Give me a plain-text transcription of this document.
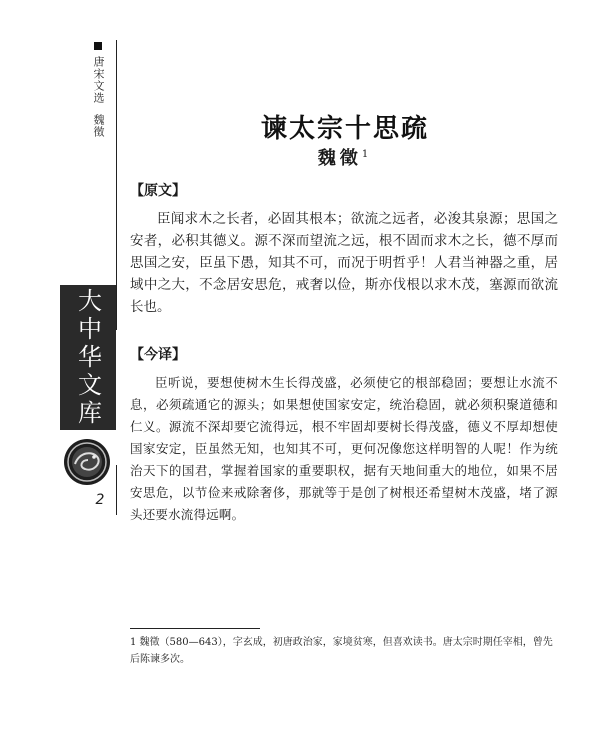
唐宋文选
魏徵
大中华文库
2
谏太宗十思疏
魏徵$^1$
【原文】
臣闻求木之长者，必固其根本；欲流之远者，必浚其泉源；思国之安者，必积其德义。源不深而望流之远，根不固而求木之长，德不厚而思国之安，臣虽下愚，知其不可，而况于明哲乎！人君当神器之重，居域中之大，不念居安思危，戒奢以俭，斯亦伐根以求木茂，塞源而欲流长也。
【今译】
臣听说，要想使树木生长得茂盛，必须使它的根部稳固；要想让水流不息，必须疏通它的源头；如果想使国家安定，统治稳固，就必须积聚道德和仁义。源流不深却要它流得远，根不牢固却要树长得茂盛，德义不厚却想使国家安定，臣虽然无知，也知其不可，更何况像您这样明智的人呢！作为统治天下的国君，掌握着国家的重要职权，据有天地间重大的地位，如果不居安思危，以节俭来戒除奢侈，那就等于是创了树根还希望树木茂盛，堵了源头还要水流得远啊。
1 魏徵（580—643），字玄成，初唐政治家，家境贫寒，但喜欢读书。唐太宗时期任宰相，曾先后陈谏多次。
